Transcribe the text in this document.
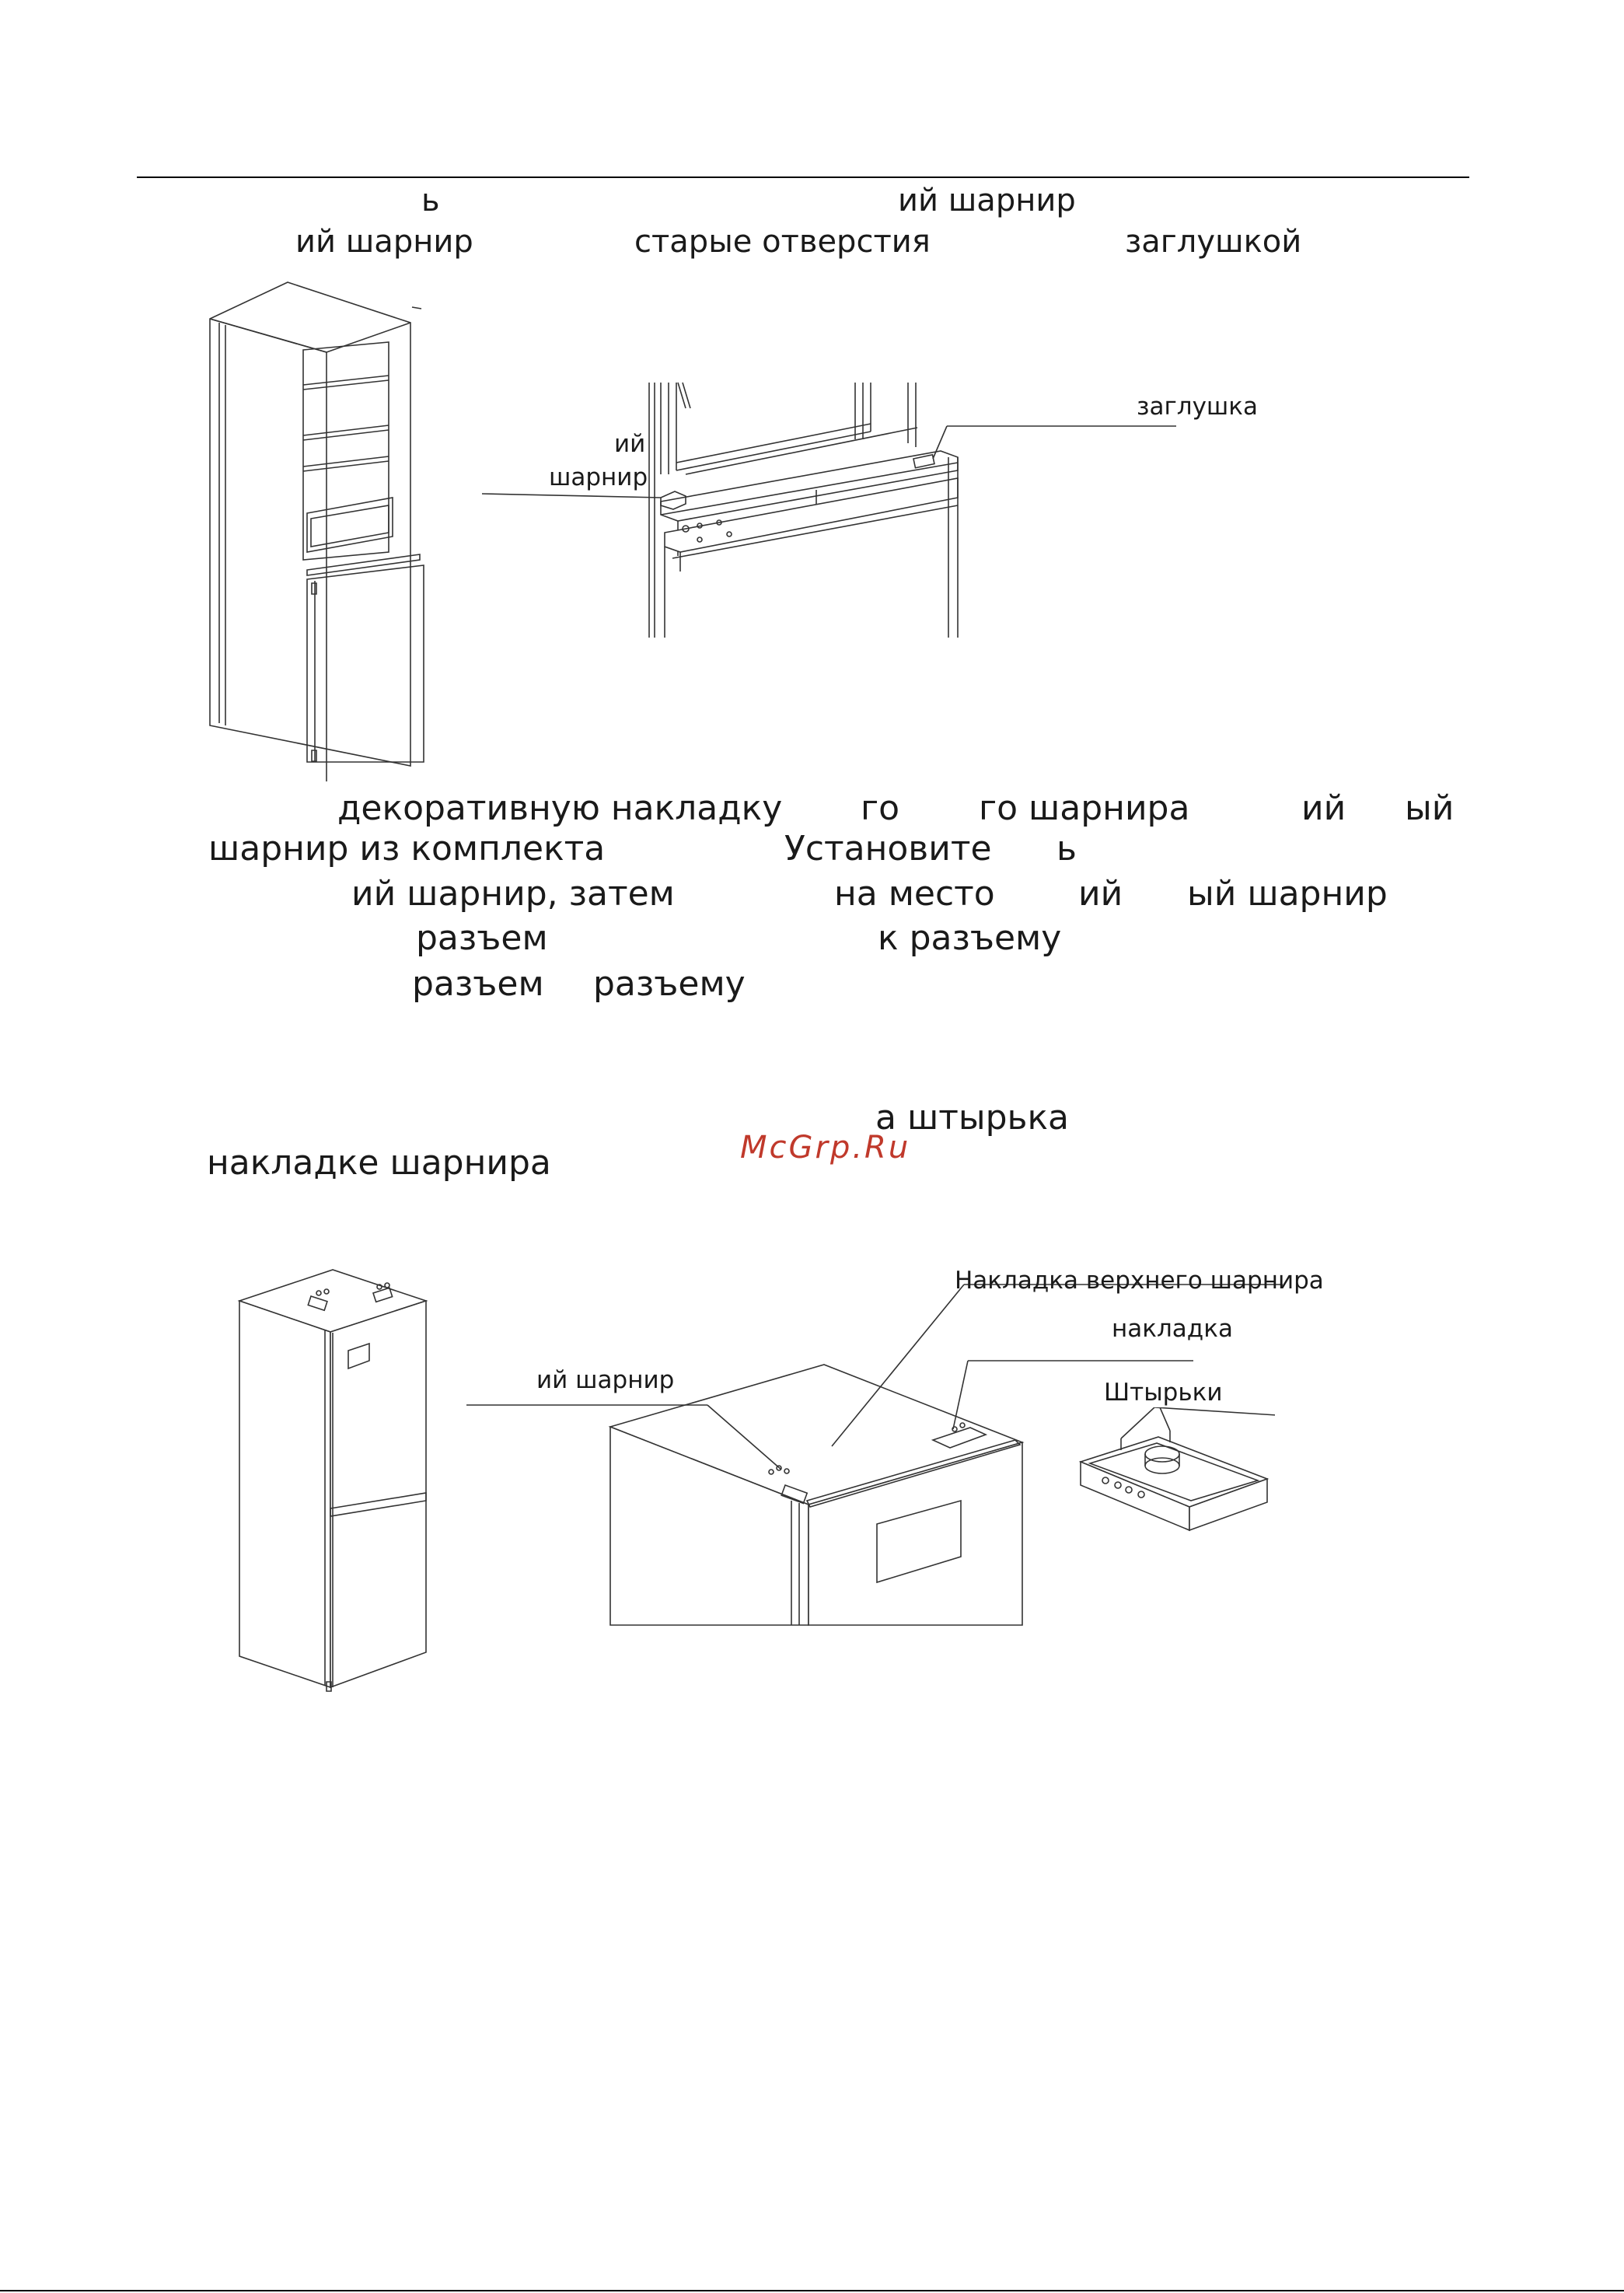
ь	ий шарнир
ий шарнир	старые отверстия	заглушкой
заглушка
ий
шарнир
декоративную накладку го го шарнира	ий ый
шарнир из комплекта	Установите ь
ий шарнир, затем	на место ий ый шарнир
разъем	к разъему
разъем разъему
а штырька
накладке шарнира	McGrp.Ru
Накладка верхнего шарнира
накладка
Штырьки
ий шарнир
